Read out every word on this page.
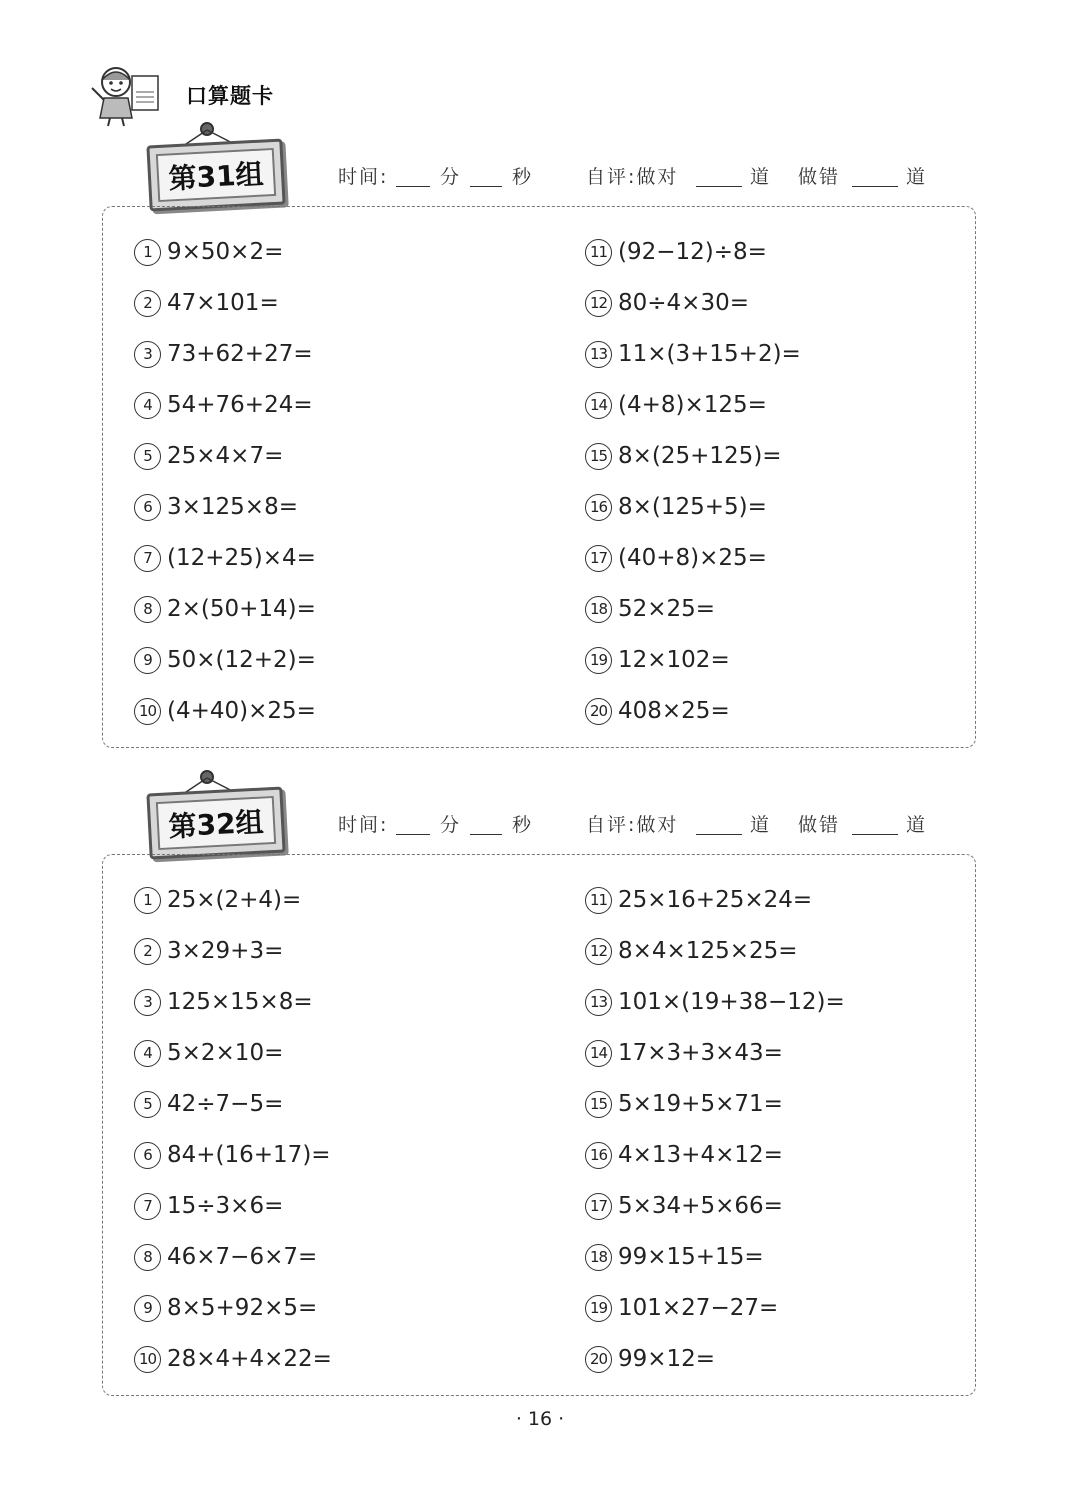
口算题卡
第31组	时间:	分	秒	自评:做对	道 做错	道
1 9×50×2=
2 47×101=
3 73+62+27=
4 54+76+24=
5 25×4×7=
6 3×125×8=
7 (12+25)×4=
8 2×(50+14)=
9 50×(12+2)=
10 (4+40)×25=
11 (92−12)÷8=
12 80÷4×30=
13 11×(3+15+2)=
14 (4+8)×125=
15 8×(25+125)=
16 8×(125+5)=
17 (40+8)×25=
18 52×25=
19 12×102=
20 408×25=
第32组	时间:	分	秒	自评:做对	道 做错	道
1 25×(2+4)=
2 3×29+3=
3 125×15×8=
4 5×2×10=
5 42÷7−5=
6 84+(16+17)=
7 15÷3×6=
8 46×7−6×7=
9 8×5+92×5=
10 28×4+4×22=
11 25×16+25×24=
12 8×4×125×25=
13 101×(19+38−12)=
14 17×3+3×43=
15 5×19+5×71=
16 4×13+4×12=
17 5×34+5×66=
18 99×15+15=
19 101×27−27=
20 99×12=
· 16 ·
